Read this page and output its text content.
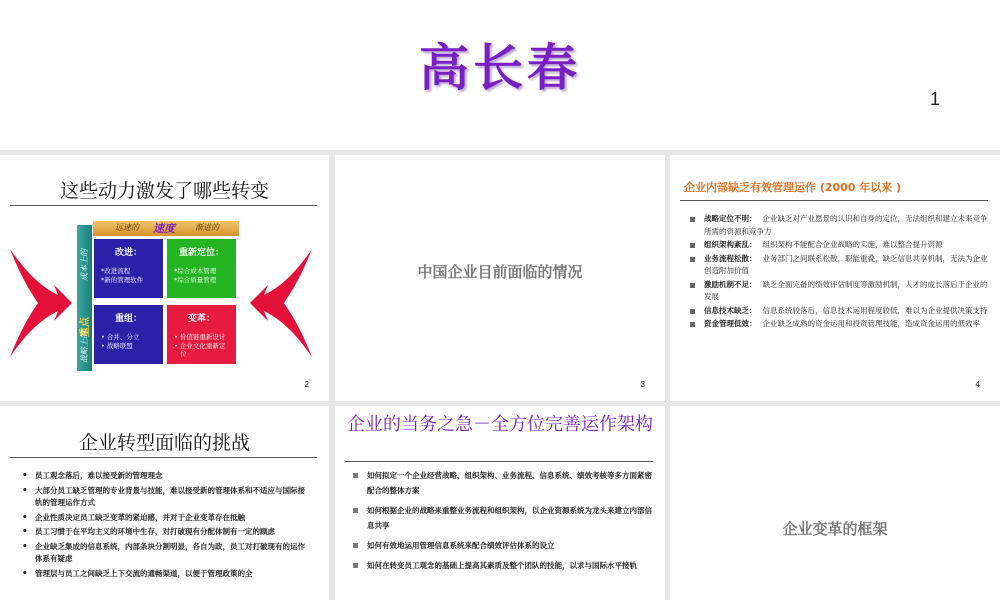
高长春
1
这些动力激发了哪些转变
远速的 速度	渐进的
成本上的
重点
战略上的
改进：
*改进流程
*新的管理软件
重新定位：
*综合成本管理
*综合质量管理
重组：
• 合并、分立
• 战略联盟
变革：
• 价值链重新设计
• 企业文化重新定
位
2
中国企业目前面临的情况
3
企业内部缺乏有效管理运作 (2000 年以来 )
战略定位不明： 企业缺乏对产业愿景的认识和自身的定位，无法组织和建立未来竞争所需的资源和竞争力
组织架构紊乱： 组织架构不能配合企业战略的实施，难以整合提升资源
业务流程松散： 业务部门之间联系松散，职能重叠，缺乏信息共享机制，无法为企业创造附加价值
激励机制不足： 缺乏全面完备的绩效评估制度等激励机制，人才的成长落后于企业的发展
信息技术缺乏： 信息系统较落后，信息技术运用程度较低，难以为企业提供决策支持
资金管理低效： 企业缺乏成熟的资金运用和投资管理技能，造成资金运用的低效率
4
企业转型面临的挑战
• 员工观念落后，难以接受新的管理理念
• 大部分员工缺乏管理的专业背景与技能，难以接受新的管理体系和不适应与国际接轨的管理运作方式
• 企业性质决定员工缺乏变革的紧迫感，并对于企业变革存在抵触
• 员工习惯于在平均主义的环境中生存，对打破现有分配体制有一定的顾虑
• 企业缺乏集成的信息系统，内部条块分割明显，各自为政，员工对打破现有的运作体系有疑虑
• 管理层与员工之间缺乏上下交流的通畅渠道，以便于管理政策的全
企业的当务之急－全方位完善运作架构
如何拟定一个企业经营战略、组织架构、业务流程、信息系统、绩效考核等多方面紧密配合的整体方案
如何根据企业的战略来重整业务流程和组织架构，以企业资源系统为龙头来建立内部信息共享
如何有效地运用管理信息系统来配合绩效评估体系的设立
如何在转变员工观念的基础上提高其素质及整个团队的技能，以求与国际水平接轨
企业变革的框架
